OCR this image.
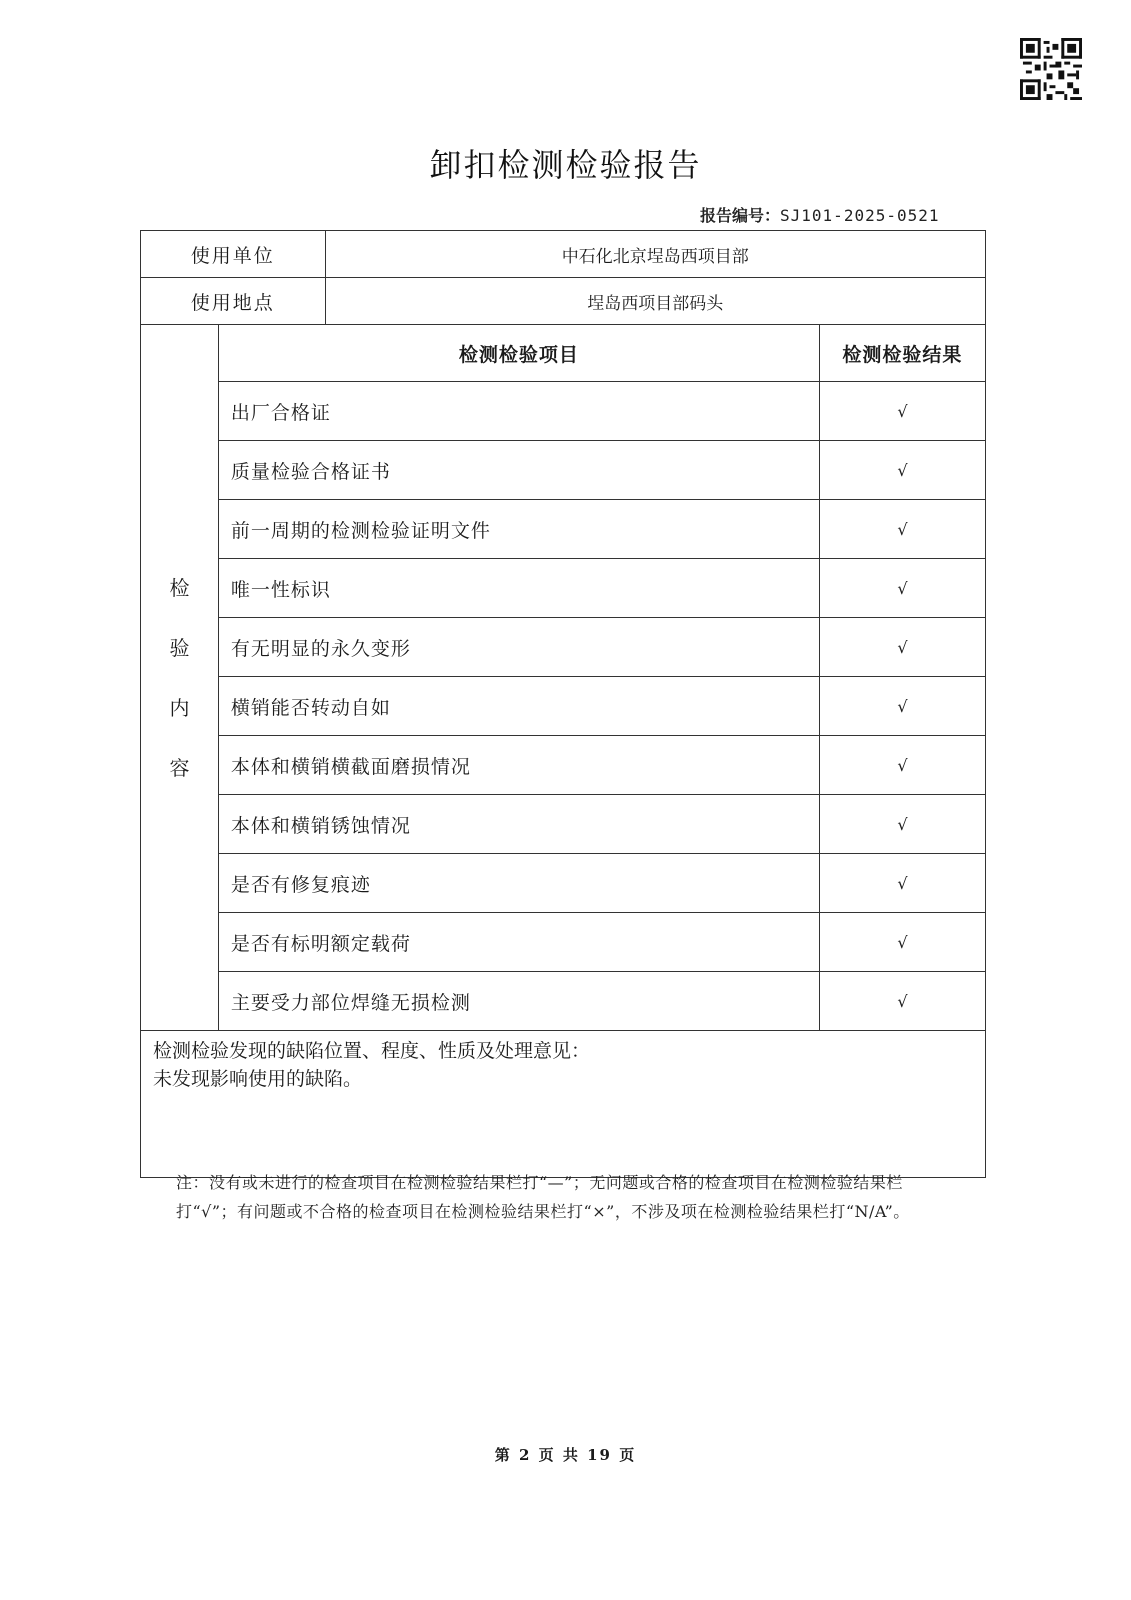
卸扣检测检验报告
报告编号：SJ101-2025-0521
使用单位		中石化北京埕岛西项目部	
使用地点		埕岛西项目部码头	

检
验
内
容	检测检验项目		检测检验结果
	出厂合格证		√
	质量检验合格证书		√
	前一周期的检测检验证明文件		√
	唯一性标识		√
	有无明显的永久变形		√
	横销能否转动自如		√
	本体和横销横截面磨损情况		√
	本体和横销锈蚀情况		√
	是否有修复痕迹		√
	是否有标明额定载荷		√
	主要受力部位焊缝无损检测		√

检测检验发现的缺陷位置、程度、性质及处理意见：
未发现影响使用的缺陷。			
注：没有或未进行的检查项目在检测检验结果栏打“—”；无问题或合格的检查项目在检测检验结果栏打“√”；有问题或不合格的检查项目在检测检验结果栏打“×”，不涉及项在检测检验结果栏打“N/A”。
第 2 页 共 19 页
